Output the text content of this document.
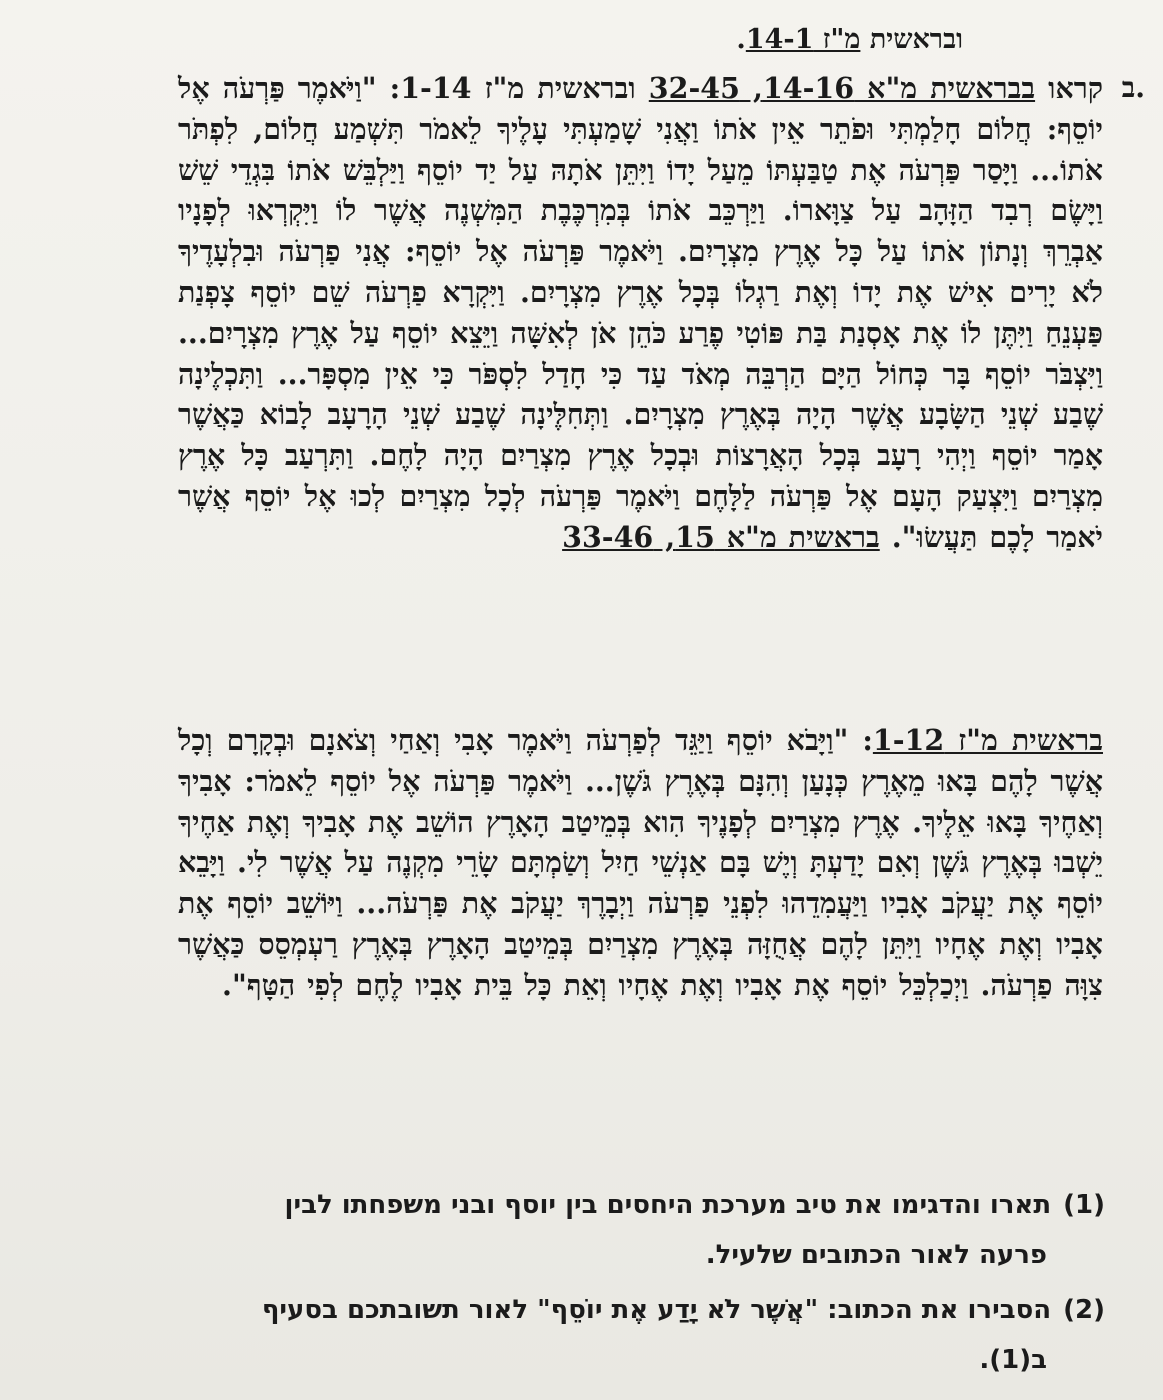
ובראשית מ"ז 14-1.
ב.
קראו בבראשית מ"א 14-16, 32-45 ובראשית מ"ז 1-14: "וַיֹּאמֶר פַּרְעֹה אֶל יוֹסֵף: חֲלוֹם חָלַמְתִּי וּפֹתֵר אֵין אֹתוֹ וַאֲנִי שָׁמַעְתִּי עָלֶיךָ לֵאמֹר תִּשְׁמַע חֲלוֹם, לִפְתֹּר אֹתוֹ... וַיָּסַר פַּרְעֹה אֶת טַבַּעְתּוֹ מֵעַל יָדוֹ וַיִּתֵּן אֹתָהּ עַל יַד יוֹסֵף וַיַּלְבֵּשׁ אֹתוֹ בִּגְדֵי שֵׁשׁ וַיָּשֶׂם רְבִד הַזָּהָב עַל צַוָּארוֹ. וַיַּרְכֵּב אֹתוֹ בְּמִרְכֶּבֶת הַמִּשְׁנֶה אֲשֶׁר לוֹ וַיִּקְרְאוּ לְפָנָיו אַבְרֵךְ וְנָתוֹן אֹתוֹ עַל כָּל אֶרֶץ מִצְרָיִם. וַיֹּאמֶר פַּרְעֹה אֶל יוֹסֵף: אֲנִי פַרְעֹה וּבִלְעָדֶיךָ לֹא יָרִים אִישׁ אֶת יָדוֹ וְאֶת רַגְלוֹ בְּכָל אֶרֶץ מִצְרָיִם. וַיִּקְרָא פַרְעֹה שֵׁם יוֹסֵף צָפְנַת פַּעְנֵחַ וַיִּתֶּן לוֹ אֶת אָסְנַת בַּת פּוֹטִי פֶרַע כֹּהֵן אֹן לְאִשָּׁה וַיֵּצֵא יוֹסֵף עַל אֶרֶץ מִצְרָיִם... וַיִּצְבֹּר יוֹסֵף בָּר כְּחוֹל הַיָּם הַרְבֵּה מְאֹד עַד כִּי חָדַל לִסְפֹּר כִּי אֵין מִסְפָּר... וַתִּכְלֶינָה שֶׁבַע שְׁנֵי הַשָּׂבָע אֲשֶׁר הָיָה בְּאֶרֶץ מִצְרָיִם. וַתְּחִלֶּינָה שֶׁבַע שְׁנֵי הָרָעָב לָבוֹא כַּאֲשֶׁר אָמַר יוֹסֵף וַיְהִי רָעָב בְּכָל הָאֲרָצוֹת וּבְכָל אֶרֶץ מִצְרַיִם הָיָה לָחֶם. וַתִּרְעַב כָּל אֶרֶץ מִצְרַיִם וַיִּצְעַק הָעָם אֶל פַּרְעֹה לַלָּחֶם וַיֹּאמֶר פַּרְעֹה לְכָל מִצְרַיִם לְכוּ אֶל יוֹסֵף אֲשֶׁר יֹאמַר לָכֶם תַּעֲשׂוּ". בראשית מ"א 15, 33-46
בראשית מ"ז 1-12: "וַיָּבֹא יוֹסֵף וַיַּגֵּד לְפַרְעֹה וַיֹּאמֶר אָבִי וְאַחַי וְצֹאנָם וּבְקָרָם וְכָל אֲשֶׁר לָהֶם בָּאוּ מֵאֶרֶץ כְּנָעַן וְהִנָּם בְּאֶרֶץ גֹּשֶׁן... וַיֹּאמֶר פַּרְעֹה אֶל יוֹסֵף לֵאמֹר: אָבִיךָ וְאַחֶיךָ בָּאוּ אֵלֶיךָ. אֶרֶץ מִצְרַיִם לְפָנֶיךָ הִוא בְּמֵיטַב הָאָרֶץ הוֹשֵׁב אֶת אָבִיךָ וְאֶת אַחֶיךָ יֵשְׁבוּ בְּאֶרֶץ גֹּשֶׁן וְאִם יָדַעְתָּ וְיֶשׁ בָּם אַנְשֵׁי חַיִל וְשַׂמְתָּם שָׂרֵי מִקְנֶה עַל אֲשֶׁר לִי. וַיָּבֵא יוֹסֵף אֶת יַעֲקֹב אָבִיו וַיַּעֲמִדֵהוּ לִפְנֵי פַרְעֹה וַיְבָרֶךְ יַעֲקֹב אֶת פַּרְעֹה... וַיּוֹשֵׁב יוֹסֵף אֶת אָבִיו וְאֶת אֶחָיו וַיִּתֵּן לָהֶם אֲחֻזָּה בְּאֶרֶץ מִצְרַיִם בְּמֵיטַב הָאָרֶץ בְּאֶרֶץ רַעְמְסֵס כַּאֲשֶׁר צִוָּה פַרְעֹה. וַיְכַלְכֵּל יוֹסֵף אֶת אָבִיו וְאֶת אֶחָיו וְאֵת כָּל בֵּית אָבִיו לֶחֶם לְפִי הַטָּף".
(1)תארו והדגימו את טיב מערכת היחסים בין יוסף ובני משפחתו לבין
פרעה לאור הכתובים שלעיל.
(2)הסבירו את הכתוב: "אֲשֶׁר לֹא יָדַע אֶת יוֹסֵף" לאור תשובתכם בסעיף
ב(1).
